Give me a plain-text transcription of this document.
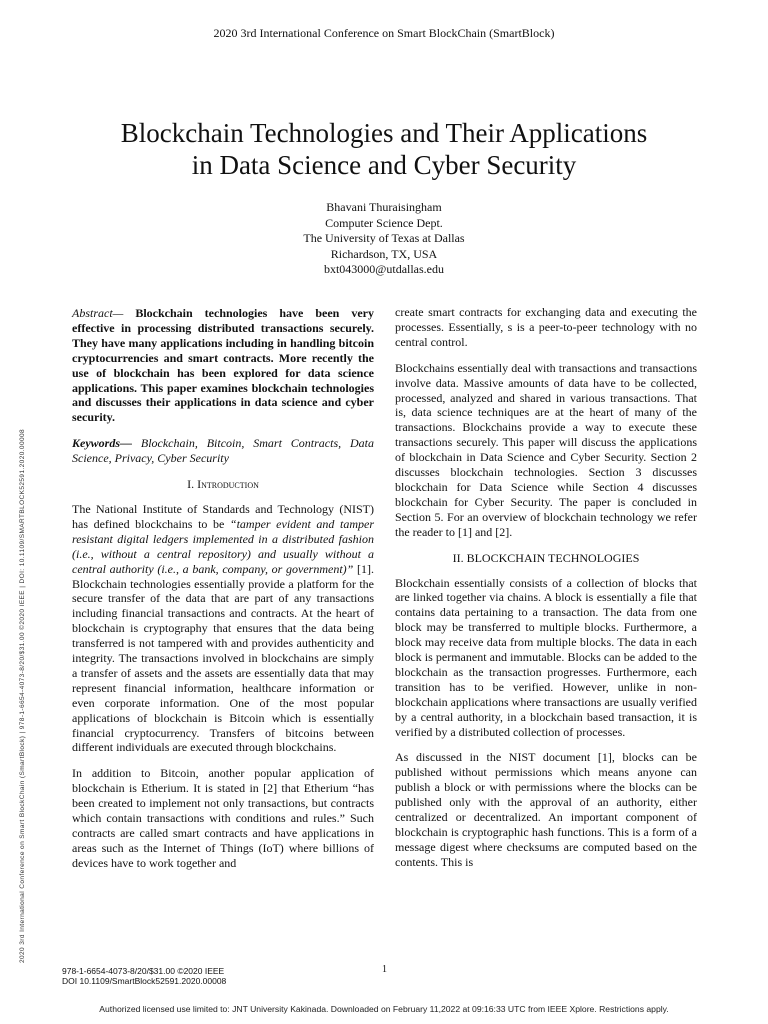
2020 3rd International Conference on Smart BlockChain (SmartBlock)
Blockchain Technologies and Their Applications
in Data Science and Cyber Security
Bhavani Thuraisingham
Computer Science Dept.
The University of Texas at Dallas
Richardson, TX, USA
bxt043000@utdallas.edu
2020 3rd International Conference on Smart BlockChain (SmartBlock) | 978-1-6654-4073-8/20/$31.00 ©2020 IEEE | DOI: 10.1109/SMARTBLOCK52591.2020.00008

Abstract— Blockchain technologies have been very effective in processing distributed transactions securely. They have many applications including in handling bitcoin cryptocurrencies and smart contracts. More recently the use of blockchain has been explored for data science applications. This paper examines blockchain technologies and discusses their applications in data science and cyber security.

Keywords— Blockchain, Bitcoin, Smart Contracts, Data Science, Privacy, Cyber Security

I. Introduction

The National Institute of Standards and Technology (NIST) has defined blockchains to be “tamper evident and tamper resistant digital ledgers implemented in a distributed fashion (i.e., without a central repository) and usually without a central authority (i.e., a bank, company, or government)” [1]. Blockchain technologies essentially provide a platform for the secure transfer of the data that are part of any transactions including financial transactions and contracts. At the heart of blockchain is cryptography that ensures that the data being transferred is not tampered with and provides authenticity and integrity. The transactions involved in blockchains are simply a transfer of assets and the assets are essentially data that may represent financial information, healthcare information or even corporate information. One of the most popular applications of blockchain is Bitcoin which is essentially financial cryptocurrency. Transfers of bitcoins between different individuals are executed through blockchains.

In addition to Bitcoin, another popular application of blockchain is Etherium. It is stated in [2] that Etherium “has been created to implement not only transactions, but contracts which contain transactions with conditions and rules.” Such contracts are called smart contracts and have applications in areas such as the Internet of Things (IoT) where billions of devices have to work together and

create smart contracts for exchanging data and executing the processes. Essentially, s is a peer-to-peer technology with no central control.

Blockchains essentially deal with transactions and transactions involve data. Massive amounts of data have to be collected, processed, analyzed and shared in various transactions. That is, data science techniques are at the heart of many of the transactions. Blockchains provide a way to execute these transactions securely. This paper will discuss the applications of blockchain in Data Science and Cyber Security. Section 2 discusses blockchain technologies. Section 3 discusses blockchain for Data Science while Section 4 discusses blockchain for Cyber Security. The paper is concluded in Section 5. For an overview of blockchain technology we refer the reader to [1] and [2].

II. BLOCKCHAIN TECHNOLOGIES

Blockchain essentially consists of a collection of blocks that are linked together via chains. A block is essentially a file that contains data pertaining to a transaction. The data from one block may be transferred to multiple blocks. Furthermore, a block may receive data from multiple blocks. The data in each block is permanent and immutable. Blocks can be added to the blockchain as the transaction progresses. Furthermore, each transition has to be verified. However, unlike in non-blockchain applications where transactions are usually verified by a central authority, in a blockchain based transaction, it is verified by a distributed collection of processes.

As discussed in the NIST document [1], blocks can be published without permissions which means anyone can publish a block or with permissions where the blocks can be published only with the approval of an authority, either centralized or decentralized. An important component of blockchain is cryptographic hash functions. This is a form of a message digest where checksums are computed based on the contents. This is

978-1-6654-4073-8/20/$31.00 ©2020 IEEE
DOI 10.1109/SmartBlock52591.2020.00008
1
Authorized licensed use limited to: JNT University Kakinada. Downloaded on February 11,2022 at 09:16:33 UTC from IEEE Xplore. Restrictions apply.
